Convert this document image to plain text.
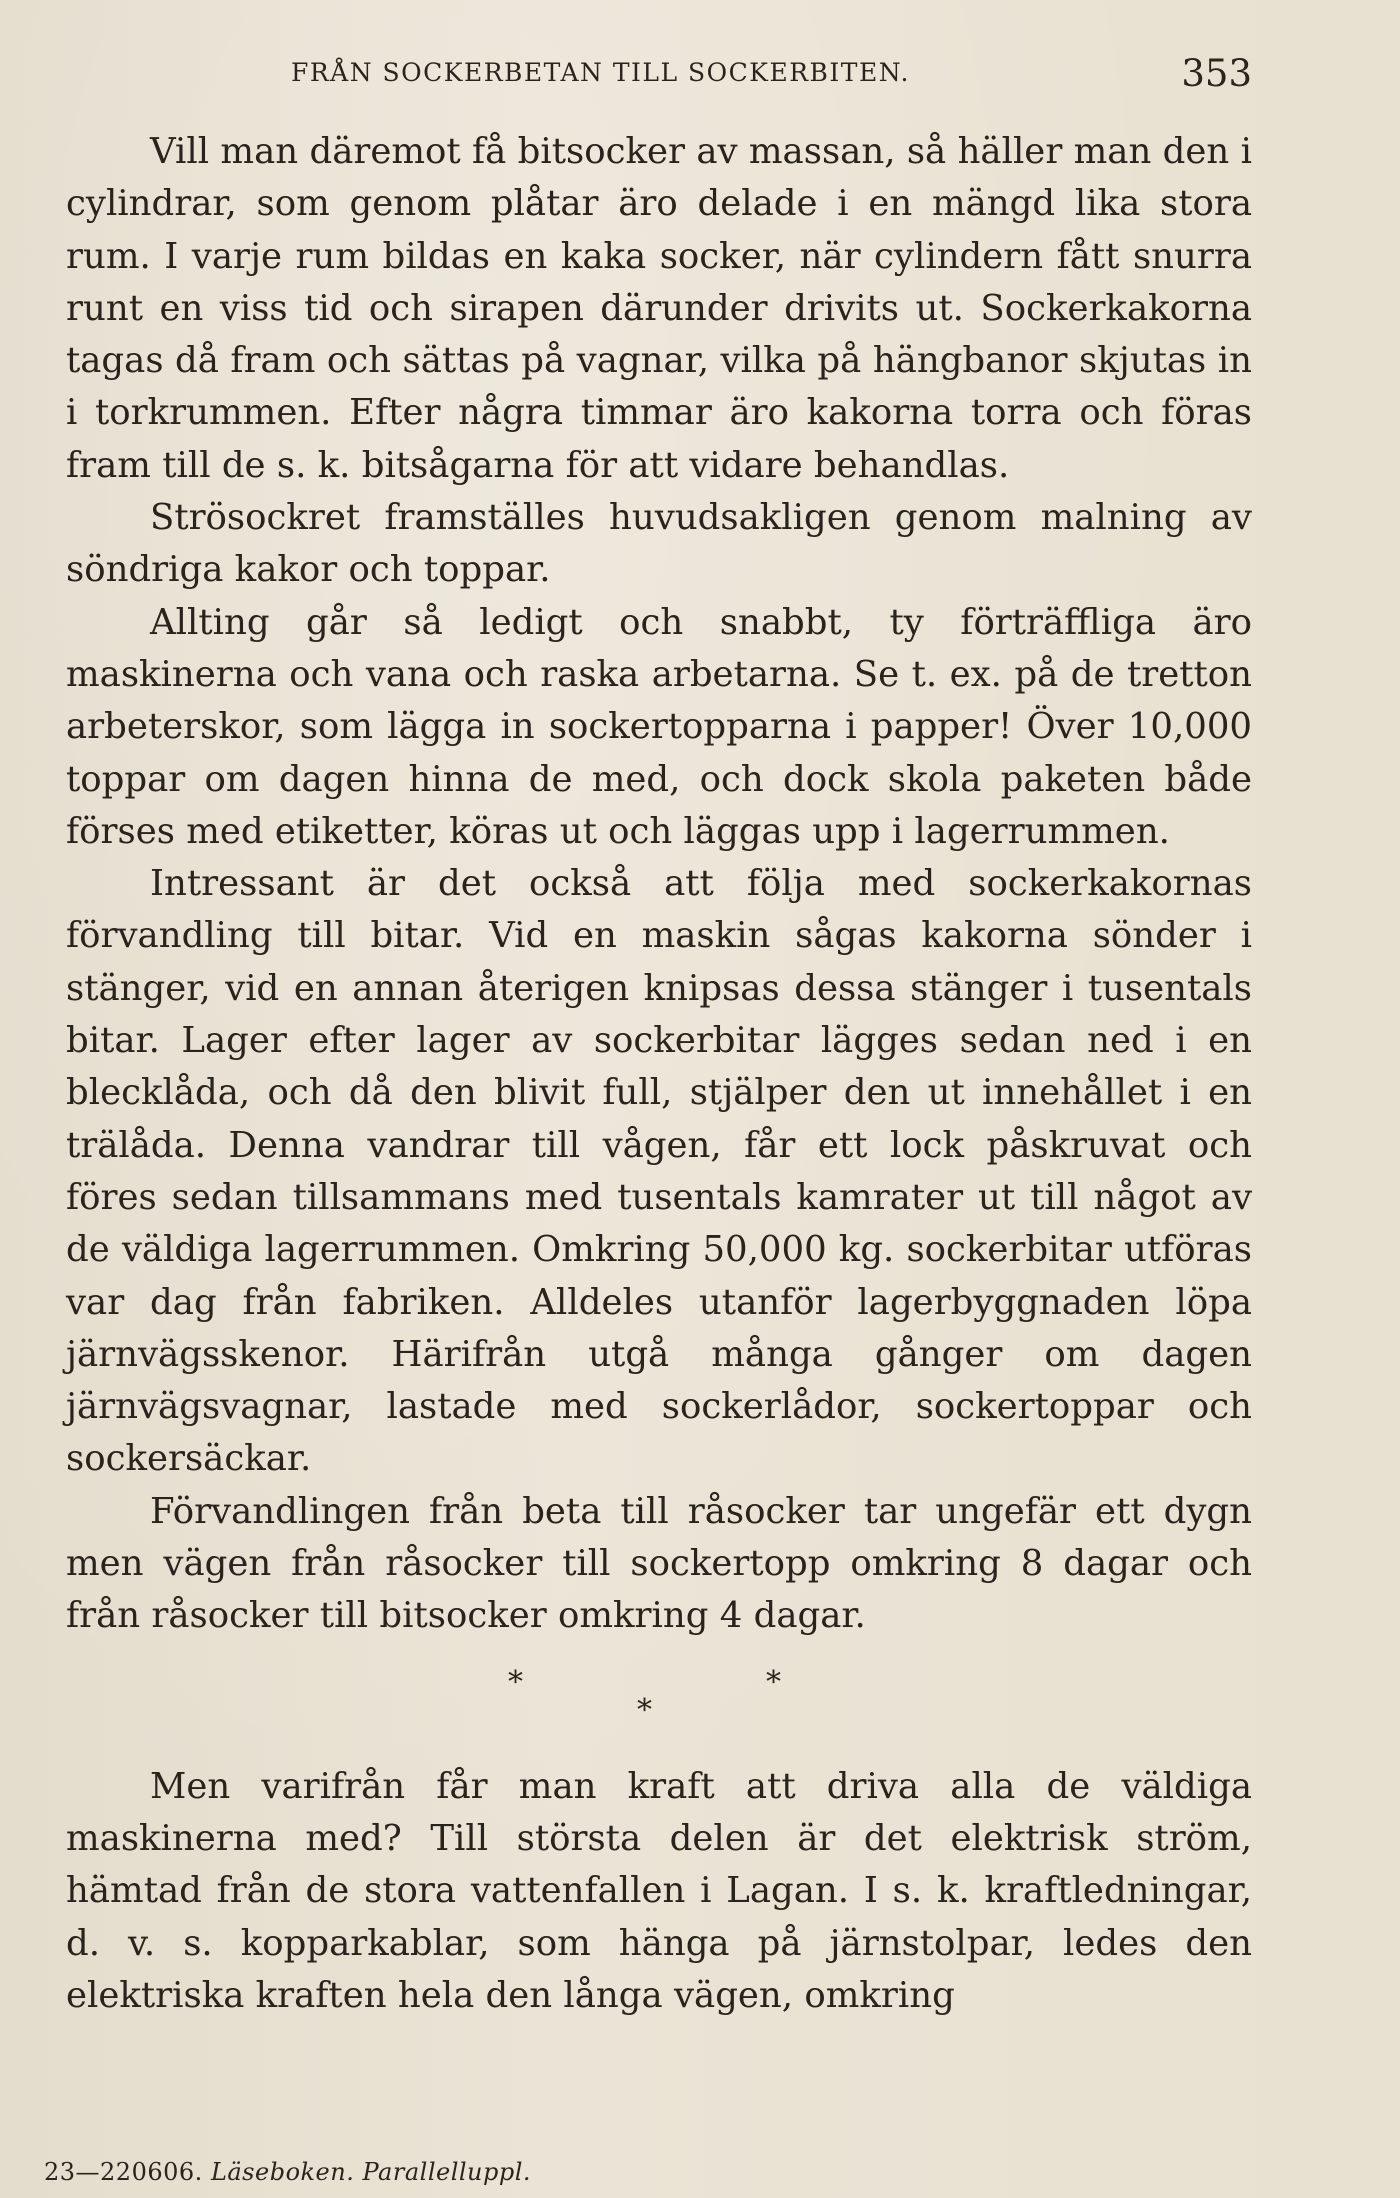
FRÅN SOCKERBETAN TILL SOCKERBITEN.	353

Vill man däremot få bitsocker av massan, så häller man den i cylindrar, som genom plåtar äro delade i en mängd lika stora rum. I varje rum bildas en kaka socker, när cylindern fått snurra runt en viss tid och sirapen därunder drivits ut. Sockerkakorna tagas då fram och sättas på vagnar, vilka på hängbanor skjutas in i torkrummen. Efter några timmar äro kakorna torra och föras fram till de s. k. bitsågarna för att vidare behandlas.

Strösockret framställes huvudsakligen genom malning av söndriga kakor och toppar.

Allting går så ledigt och snabbt, ty förträffliga äro maskinerna och vana och raska arbetarna. Se t. ex. på de tretton arbeterskor, som lägga in sockertopparna i papper! Över 10,000 toppar om dagen hinna de med, och dock skola paketen både förses med etiketter, köras ut och läggas upp i lagerrummen.

Intressant är det också att följa med sockerkakornas förvandling till bitar. Vid en maskin sågas kakorna sönder i stänger, vid en annan återigen knipsas dessa stänger i tusentals bitar. Lager efter lager av sockerbitar lägges sedan ned i en blecklåda, och då den blivit full, stjälper den ut innehållet i en trälåda. Denna vandrar till vågen, får ett lock påskruvat och föres sedan tillsammans med tusentals kamrater ut till något av de väldiga lagerrummen. Omkring 50,000 kg. sockerbitar utföras var dag från fabriken. Alldeles utanför lagerbyggnaden löpa järnvägsskenor. Härifrån utgå många gånger om dagen järnvägsvagnar, lastade med sockerlådor, sockertoppar och sockersäckar.

Förvandlingen från beta till råsocker tar ungefär ett dygn men vägen från råsocker till sockertopp omkring 8 dagar och från råsocker till bitsocker omkring 4 dagar.

*	*
*

Men varifrån får man kraft att driva alla de väldiga maskinerna med? Till största delen är det elektrisk ström, hämtad från de stora vattenfallen i Lagan. I s. k. kraftledningar, d. v. s. kopparkablar, som hänga på järnstolpar, ledes den elektriska kraften hela den långa vägen, omkring

23—220606. Läseboken. Parallelluppl.
